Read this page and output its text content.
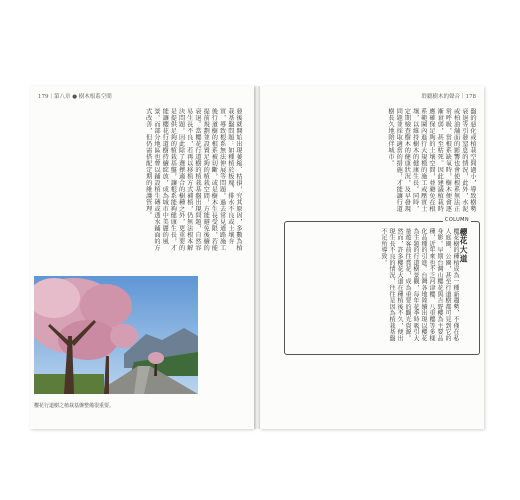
179｜第八章 ● 樹木根系空間
發後就開始出現萎縮、枯損，究其原因，多數為植栽基盤問題：如種植於板塊、排水不良或土壤夯實，導致根系無法伸展等問題。過去常見道路施工後行道樹的根系被切斷，或是樹木生長受限，若能提前規劃並設置足夠的植栽空間，方能避免後續的衰退。當櫻花行道樹的植栽基盤出現問題，自然容易生長不良，若再以移植方式補植，仍無法根本解決問題。因此除了選擇適合的樹種之外，更重要的是提供足夠的植栽基盤，讓根系能夠健康生長，才能讓櫻花行道樹持續綻放，成為城市中美麗的風景。而部分地區也曾以鋪設植生磚或透水鋪面的方式改善，但仍需搭配定期的維護管理。
櫻花行道樹之植栽基盤整備很重要。
聆聽樹木的聲音｜178
盤的惡化或植栽空間過小，導致樹勢衰退等引發窒息的情況，此外，水泥或柏油舖面的影響也會使根系無法正常呼吸，當根系缺氧時，樹木便會逐漸衰弱，甚至枯死。因此建議植栽時應確保足夠的土壤空間，並避免在根系範圍內進行大規模的施工或壓實土壤，以維持樹木的健康生長。同時，定期檢查樹木的健康狀況，及早發現問題並採取適當的措施，才能讓行道樹長久地陪伴城市。
COLUMN
櫻花大道
櫻花樹的種植成為一種新趨勢，不僅在私人庭園、公園，甚至行道樹都可見到它的身影。早期台灣山櫻花與吉野櫻為主要品種，近年來也不乏河津櫻、八重櫻等多樣化品種的引進。台灣各地陸續出現以櫻花為主題的行道樹景觀，每年花季時吸引大量遊客前往賞花，成為重要的觀光資源。然而，許多櫻花大道在種植後不久，便出現生長不良的情況，往往是因為植栽基盤不足所導致。
